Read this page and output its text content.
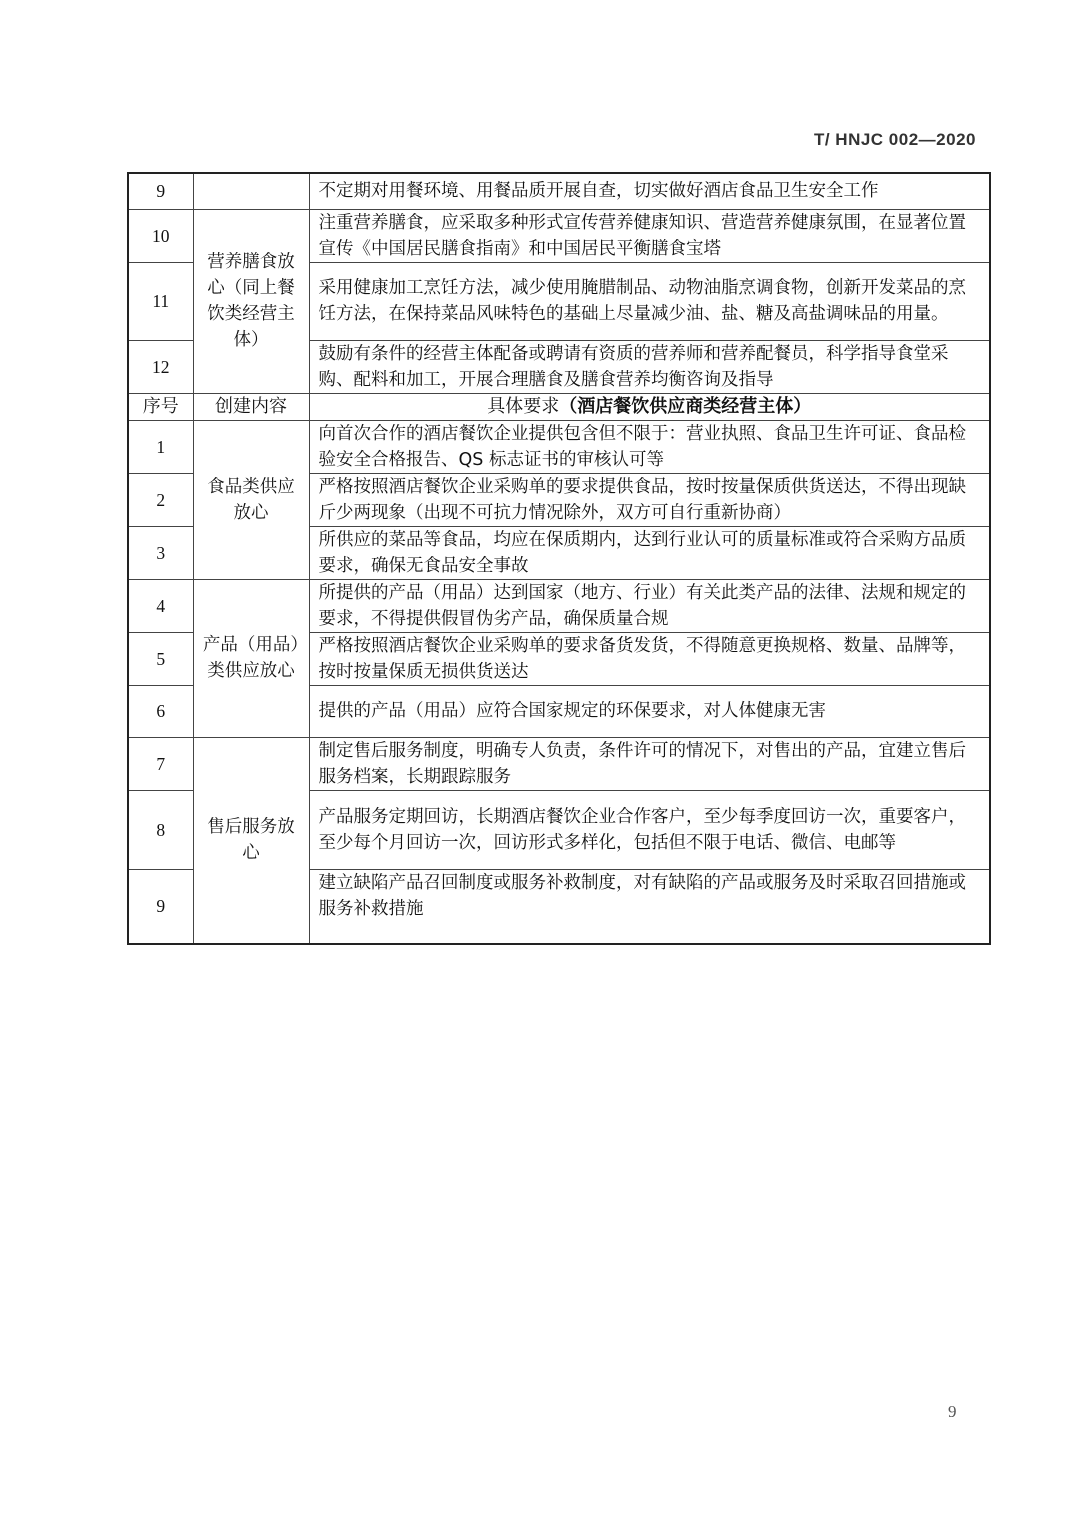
T/ HNJC 002—2020
9		不定期对用餐环境、用餐品质开展自查，切实做好酒店食品卫生安全工作
10	营养膳食放心（同上餐饮类经营主体）	注重营养膳食，应采取多种形式宣传营养健康知识、营造营养健康氛围，在显著位置宣传《中国居民膳食指南》和中国居民平衡膳食宝塔
11		采用健康加工烹饪方法，减少使用腌腊制品、动物油脂烹调食物，创新开发菜品的烹饪方法，在保持菜品风味特色的基础上尽量减少油、盐、糖及高盐调味品的用量。
12		鼓励有条件的经营主体配备或聘请有资质的营养师和营养配餐员，科学指导食堂采购、配料和加工，开展合理膳食及膳食营养均衡咨询及指导
序号	创建内容	具体要求（酒店餐饮供应商类经营主体）
1	食品类供应放心	向首次合作的酒店餐饮企业提供包含但不限于：营业执照、食品卫生许可证、食品检验安全合格报告、QS 标志证书的审核认可等
2		严格按照酒店餐饮企业采购单的要求提供食品，按时按量保质供货送达，不得出现缺斤少两现象（出现不可抗力情况除外，双方可自行重新协商）
3		所供应的菜品等食品，均应在保质期内，达到行业认可的质量标准或符合采购方品质要求，确保无食品安全事故
4	产品（用品）类供应放心	所提供的产品（用品）达到国家（地方、行业）有关此类产品的法律、法规和规定的要求，不得提供假冒伪劣产品，确保质量合规
5		严格按照酒店餐饮企业采购单的要求备货发货，不得随意更换规格、数量、品牌等，按时按量保质无损供货送达
6		提供的产品（用品）应符合国家规定的环保要求，对人体健康无害
7	售后服务放心	制定售后服务制度，明确专人负责，条件许可的情况下，对售出的产品，宜建立售后服务档案，长期跟踪服务
8		产品服务定期回访，长期酒店餐饮企业合作客户，至少每季度回访一次，重要客户，至少每个月回访一次，回访形式多样化，包括但不限于电话、微信、电邮等
9		建立缺陷产品召回制度或服务补救制度，对有缺陷的产品或服务及时采取召回措施或服务补救措施
9
